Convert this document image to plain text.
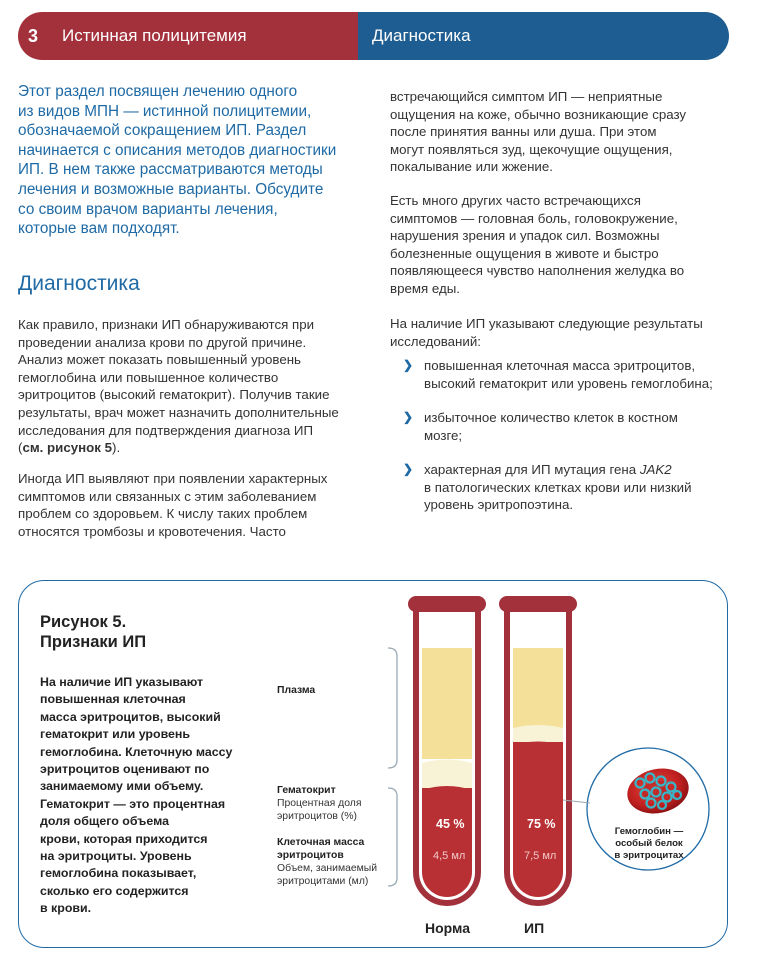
3	Истинная полицитемия	Диагностика

Этот раздел посвящен лечению одного
из видов МПН — истинной полицитемии,
обозначаемой сокращением ИП. Раздел
начинается с описания методов диагностики
ИП. В нем также рассматриваются методы
лечения и возможные варианты. Обсудите
со своим врачом варианты лечения,
которые вам подходят.

Диагностика

Как правило, признаки ИП обнаруживаются при
проведении анализа крови по другой причине.
Анализ может показать повышенный уровень
гемоглобина или повышенное количество
эритроцитов (высокий гематокрит). Получив такие
результаты, врач может назначить дополнительные
исследования для подтверждения диагноза ИП
(см. рисунок 5).

Иногда ИП выявляют при появлении характерных
симптомов или связанных с этим заболеванием
проблем со здоровьем. К числу таких проблем
относятся тромбозы и кровотечения. Часто

встречающийся симптом ИП — неприятные
ощущения на коже, обычно возникающие сразу
после принятия ванны или душа. При этом
могут появляться зуд, щекочущие ощущения,
покалывание или жжение.

Есть много других часто встречающихся
симптомов — головная боль, головокружение,
нарушения зрения и упадок сил. Возможны
болезненные ощущения в животе и быстро
появляющееся чувство наполнения желудка во
время еды.

На наличие ИП указывают следующие результаты
исследований:

❯ повышенная клеточная масса эритроцитов,
высокий гематокрит или уровень гемоглобина;
❯ избыточное количество клеток в костном
мозге;
❯ характерная для ИП мутация гена JAK2
в патологических клетках крови или низкий
уровень эритропоэтина.
Рисунок 5.
Признаки ИП

На наличие ИП указывают
повышенная клеточная
масса эритроцитов, высокий
гематокрит или уровень
гемоглобина. Клеточную массу
эритроцитов оценивают по
занимаемому ими объему.
Гематокрит — это процентная
доля общего объема
крови, которая приходится
на эритроциты. Уровень
гемоглобина показывает,
сколько его содержится
в крови.

Плазма
Гематокрит
Процентная доля
эритроцитов (%)
Клеточная масса
эритроцитов
Объем, занимаемый
эритроцитами (мл)
45 %
4,5 мл
75 %
7,5 мл
Норма	ИП
Гемоглобин —
особый белок
в эритроцитах
